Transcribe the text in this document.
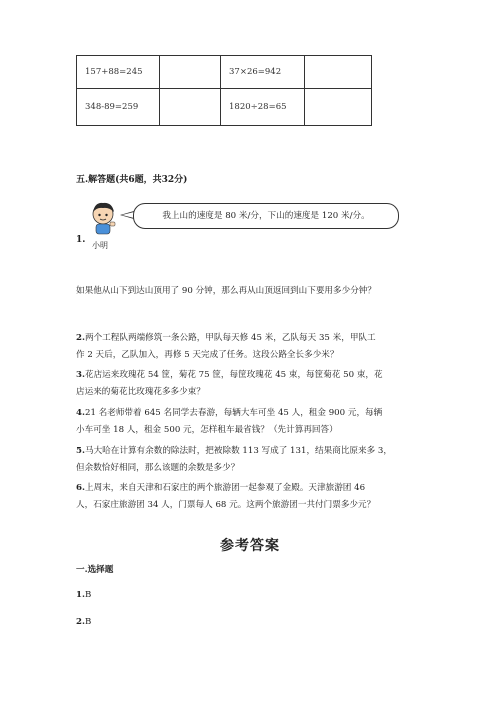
157+88=245		37×26=942	
348-89=259		1820÷28=65	
五.解答题(共6题，共32分)
小明
我上山的速度是 80 米/分，下山的速度是 120 米/分。
1.
如果他从山下到达山顶用了 90 分钟，那么再从山顶返回到山下要用多少分钟？
2.两个工程队两端修筑一条公路，甲队每天修 45 米，乙队每天 35 米，甲队工
作 2 天后，乙队加入，再修 5 天完成了任务。这段公路全长多少米？
3.花店运来玫瑰花 54 筐，菊花 75 筐，每筐玫瑰花 45 束，每筐菊花 50 束，花
店运来的菊花比玫瑰花多多少束？
4.21 名老师带着 645 名同学去春游，每辆大车可坐 45 人，租金 900 元，每辆
小车可坐 18 人，租金 500 元，怎样租车最省钱？（先计算再回答）
5.马大哈在计算有余数的除法时，把被除数 113 写成了 131，结果商比原来多 3，
但余数恰好相同，那么该题的余数是多少？
6.上周末，来自天津和石家庄的两个旅游团一起参观了金殿。天津旅游团 46
人，石家庄旅游团 34 人，门票每人 68 元。这两个旅游团一共付门票多少元？
参考答案
一.选择题
1.B
2.B
